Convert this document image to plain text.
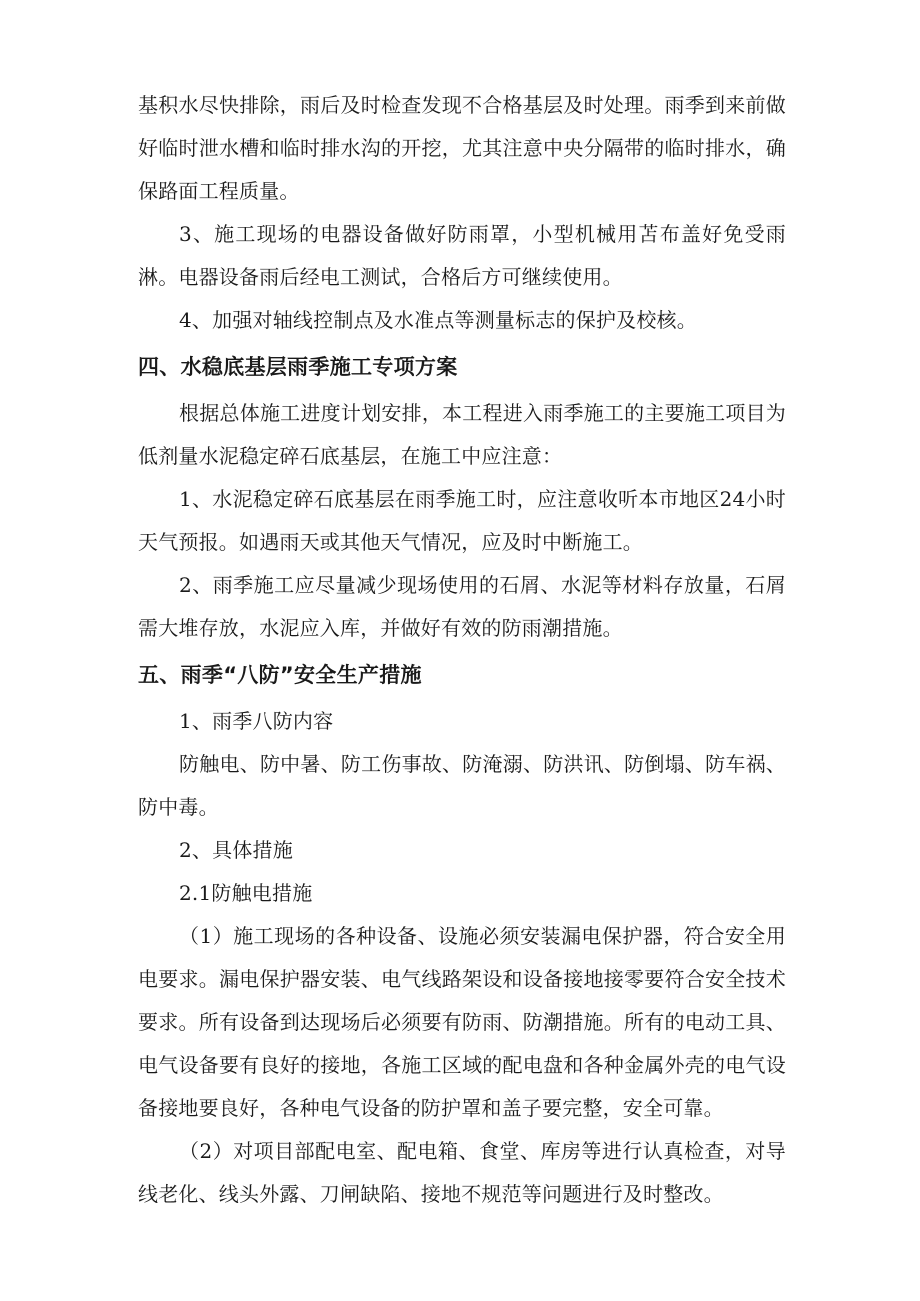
基积水尽快排除，雨后及时检查发现不合格基层及时处理。雨季到来前做好临时泄水槽和临时排水沟的开挖，尤其注意中央分隔带的临时排水，确保路面工程质量。

3、施工现场的电器设备做好防雨罩，小型机械用苫布盖好免受雨淋。电器设备雨后经电工测试，合格后方可继续使用。

4、加强对轴线控制点及水准点等测量标志的保护及校核。

四、水稳底基层雨季施工专项方案

根据总体施工进度计划安排，本工程进入雨季施工的主要施工项目为低剂量水泥稳定碎石底基层，在施工中应注意：

1、水泥稳定碎石底基层在雨季施工时，应注意收听本市地区24小时天气预报。如遇雨天或其他天气情况，应及时中断施工。

2、雨季施工应尽量减少现场使用的石屑、水泥等材料存放量，石屑需大堆存放，水泥应入库，并做好有效的防雨潮措施。

五、雨季“八防”安全生产措施

1、雨季八防内容

防触电、防中暑、防工伤事故、防淹溺、防洪讯、防倒塌、防车祸、防中毒。

2、具体措施

2.1防触电措施

（1）施工现场的各种设备、设施必须安装漏电保护器，符合安全用电要求。漏电保护器安装、电气线路架设和设备接地接零要符合安全技术要求。所有设备到达现场后必须要有防雨、防潮措施。所有的电动工具、电气设备要有良好的接地，各施工区域的配电盘和各种金属外壳的电气设备接地要良好，各种电气设备的防护罩和盖子要完整，安全可靠。

（2）对项目部配电室、配电箱、食堂、库房等进行认真检查，对导线老化、线头外露、刀闸缺陷、接地不规范等问题进行及时整改。
